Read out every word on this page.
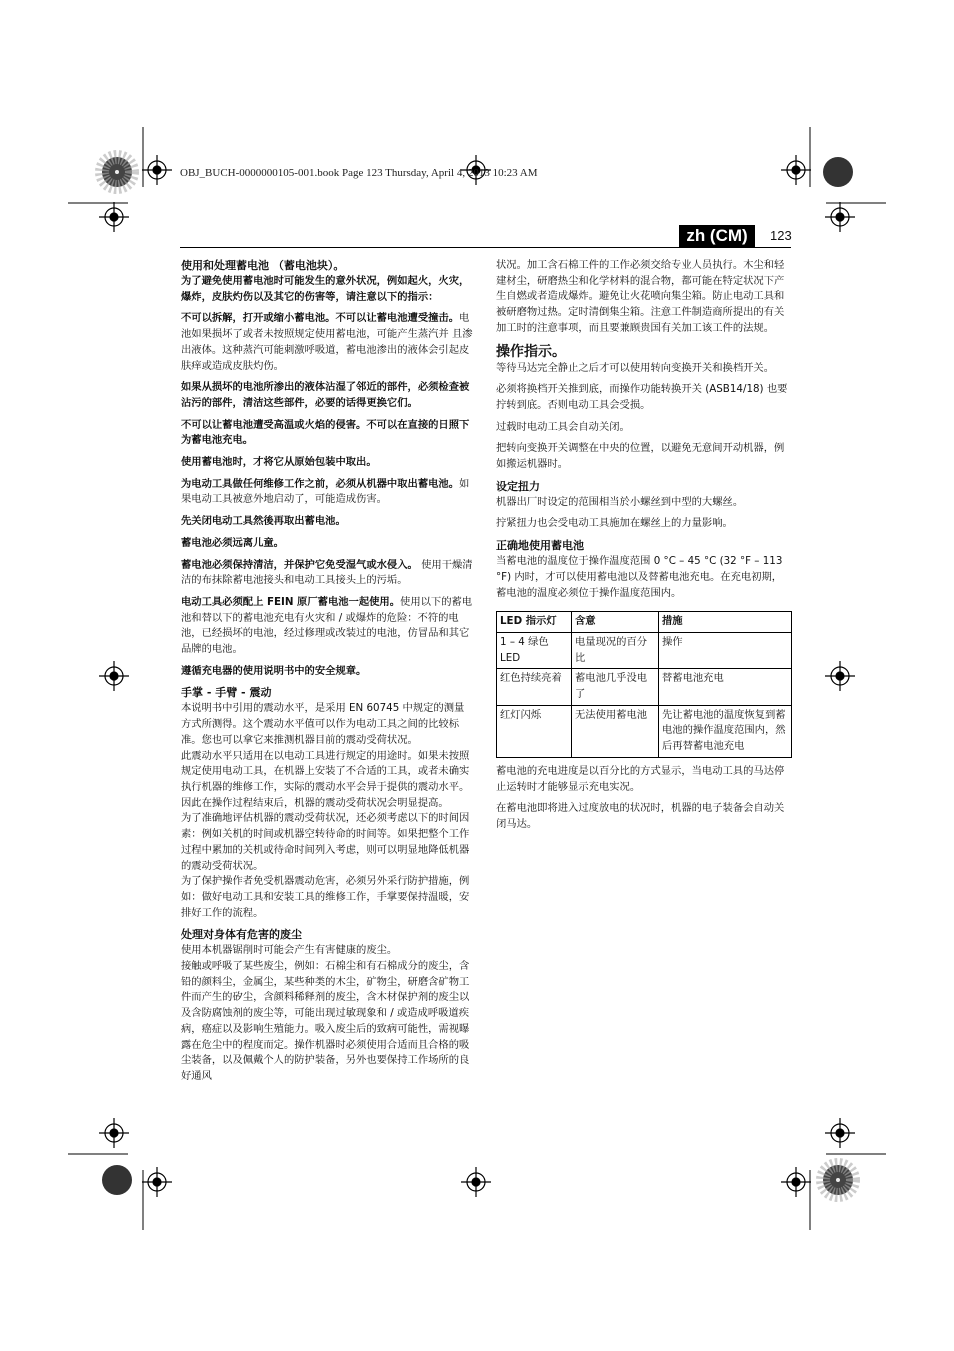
OBJ_BUCH-0000000105-001.book Page 123 Thursday, April 4, 2013 10:23 AM
zh (CM)	123
使用和处理蓄电池 （蓄电池块）。

为了避免使用蓄电池时可能发生的意外状况，例如起火，火灾，爆炸，皮肤灼伤以及其它的伤害等，请注意以下的指示：

不可以拆解，打开或缩小蓄电池。不可以让蓄电池遭受撞击。电池如果损坏了或者未按照规定使用蓄电池，可能产生蒸汽并 且渗出液体。这种蒸汽可能刺激呼吸道，蓄电池渗出的液体会引起皮肤痒或造成皮肤灼伤。

如果从损坏的电池所渗出的液体沾湿了邻近的部件，必须检查被沾污的部件，清洁这些部件，必要的话得更换它们。

不可以让蓄电池遭受高温或火焰的侵害。不可以在直接的日照下为蓄电池充电。

使用蓄电池时，才将它从原始包装中取出。

为电动工具做任何维修工作之前，必须从机器中取出蓄电池。如果电动工具被意外地启动了，可能造成伤害。

先关闭电动工具然後再取出蓄电池。

蓄电池必须远离儿童。

蓄电池必须保持清洁，并保护它免受湿气或水侵入。 使用干燥清洁的布抹除蓄电池接头和电动工具接头上的污垢。

电动工具必须配上 FEIN 原厂蓄电池一起使用。使用以下的蓄电池和替以下的蓄电池充电有火灾和 / 或爆炸的危险：不符的电池，已经损坏的电池，经过修理或改装过的电池，仿冒品和其它品牌的电池。

遵循充电器的使用说明书中的安全规章。

手掌 - 手臂 - 震动

本说明书中引用的震动水平，是采用 EN 60745 中规定的测量方式所测得。这个震动水平值可以作为电动工具之间的比较标准。您也可以拿它来推测机器目前的震动受荷状况。

此震动水平只适用在以电动工具进行规定的用途时。如果未按照规定使用电动工具，在机器上安装了不合适的工具，或者未确实执行机器的维修工作，实际的震动水平会异于提供的震动水平。因此在操作过程结束后，机器的震动受荷状况会明显提高。

为了准确地评估机器的震动受荷状况，还必须考虑以下的时间因素：例如关机的时间或机器空转待命的时间等。如果把整个工作过程中累加的关机或待命时间列入考虑，则可以明显地降低机器的震动受荷状况。

为了保护操作者免受机器震动危害，必须另外采行防护措施，例如：做好电动工具和安装工具的维修工作，手掌要保持温暖，安排好工作的流程。

处理对身体有危害的废尘

使用本机器锯削时可能会产生有害健康的废尘。

接触或呼吸了某些废尘，例如：石棉尘和有石棉成分的废尘，含铅的颜料尘，金属尘，某些种类的木尘，矿物尘，研磨含矿物工件而产生的矽尘，含颜料稀释剂的废尘，含木材保护剂的废尘以及含防腐蚀剂的废尘等，可能出现过敏现象和 / 或造成呼吸道疾病，癌症以及影响生殖能力。吸入废尘后的致病可能性，需视曝露在危尘中的程度而定。操作机器时必须使用合适而且合格的吸尘装备，以及佩戴个人的防护装备，另外也要保持工作场所的良好通风

状况。加工含石棉工件的工作必须交给专业人员执行。木尘和轻建材尘，研磨热尘和化学材料的混合物，都可能在特定状况下产生自燃或者造成爆炸。避免让火花喷向集尘箱。防止电动工具和被研磨物过热。定时清倒集尘箱。注意工件制造商所提出的有关加工时的注意事项，而且要兼顾贵国有关加工该工件的法规。

操作指示。

等待马达完全静止之后才可以使用转向变换开关和换档开关。

必须将换档开关推到底，而操作功能转换开关 (ASB14/18) 也要拧转到底。否则电动工具会受损。

过载时电动工具会自动关闭。

把转向变换开关调整在中央的位置，以避免无意间开动机器，例如搬运机器时。

设定扭力

机器出厂时设定的范围相当於小螺丝到中型的大螺丝。

拧紧扭力也会受电动工具施加在螺丝上的力量影响。

正确地使用蓄电池

当蓄电池的温度位于操作温度范围 0 °C – 45 °C (32 °F – 113 °F) 内时，才可以使用蓄电池以及替蓄电池充电。在充电初期，蓄电池的温度必须位于操作温度范围内。

LED 指示灯	含意	措施
1 – 4 绿色 LED	电量现况的百分比	操作
红色持续亮着	蓄电池几乎没电了	替蓄电池充电
红灯闪烁	无法使用蓄电池	先让蓄电池的温度恢复到蓄电池的操作温度范围内，然后再替蓄电池充电

蓄电池的充电进度是以百分比的方式显示，当电动工具的马达停止运转时才能够显示充电实况。

在蓄电池即将进入过度放电的状况时，机器的电子装备会自动关闭马达。
